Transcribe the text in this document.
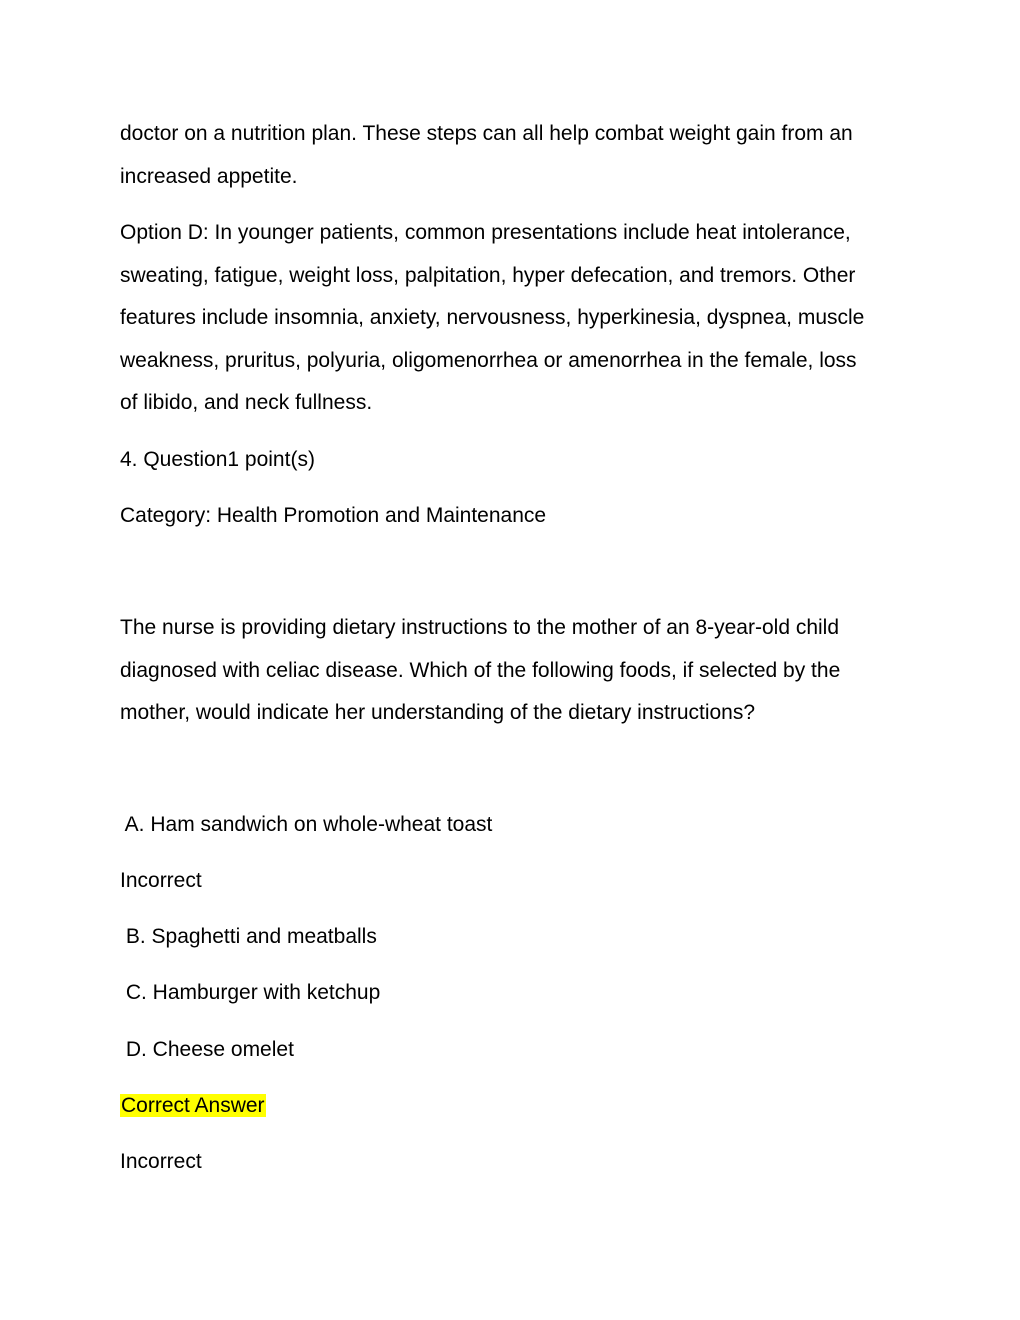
doctor on a nutrition plan. These steps can all help combat weight gain from an
increased appetite.
Option D: In younger patients, common presentations include heat intolerance,
sweating, fatigue, weight loss, palpitation, hyper defecation, and tremors. Other
features include insomnia, anxiety, nervousness, hyperkinesia, dyspnea, muscle
weakness, pruritus, polyuria, oligomenorrhea or amenorrhea in the female, loss
of libido, and neck fullness.
4. Question1 point(s)
Category: Health Promotion and Maintenance
The nurse is providing dietary instructions to the mother of an 8-year-old child
diagnosed with celiac disease. Which of the following foods, if selected by the
mother, would indicate her understanding of the dietary instructions?
A. Ham sandwich on whole-wheat toast
Incorrect
B. Spaghetti and meatballs
C. Hamburger with ketchup
D. Cheese omelet
Correct Answer
Incorrect
